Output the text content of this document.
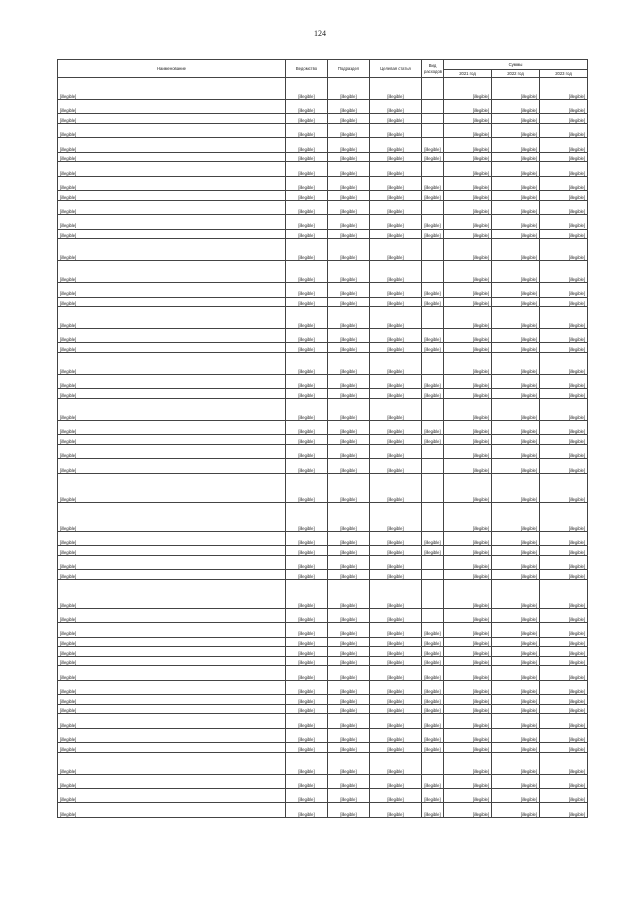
124
Наименование	Ведомство	Подраздел	Целевая статья	Вид расходов	Суммы		
					2021 год	2022 год	2023 год
[illegible]	[illegible]	[illegible]	[illegible]		[illegible]	[illegible]	[illegible]
[illegible]	[illegible]	[illegible]	[illegible]		[illegible]	[illegible]	[illegible]
[illegible]	[illegible]	[illegible]	[illegible]		[illegible]	[illegible]	[illegible]
[illegible]	[illegible]	[illegible]	[illegible]		[illegible]	[illegible]	[illegible]
[illegible]	[illegible]	[illegible]	[illegible]	[illegible]	[illegible]	[illegible]	[illegible]
[illegible]	[illegible]	[illegible]	[illegible]	[illegible]	[illegible]	[illegible]	[illegible]
[illegible]	[illegible]	[illegible]	[illegible]		[illegible]	[illegible]	[illegible]
[illegible]	[illegible]	[illegible]	[illegible]	[illegible]	[illegible]	[illegible]	[illegible]
[illegible]	[illegible]	[illegible]	[illegible]	[illegible]	[illegible]	[illegible]	[illegible]
[illegible]	[illegible]	[illegible]	[illegible]		[illegible]	[illegible]	[illegible]
[illegible]	[illegible]	[illegible]	[illegible]	[illegible]	[illegible]	[illegible]	[illegible]
[illegible]	[illegible]	[illegible]	[illegible]	[illegible]	[illegible]	[illegible]	[illegible]
[illegible]	[illegible]	[illegible]	[illegible]		[illegible]	[illegible]	[illegible]
[illegible]	[illegible]	[illegible]	[illegible]		[illegible]	[illegible]	[illegible]
[illegible]	[illegible]	[illegible]	[illegible]	[illegible]	[illegible]	[illegible]	[illegible]
[illegible]	[illegible]	[illegible]	[illegible]	[illegible]	[illegible]	[illegible]	[illegible]
[illegible]	[illegible]	[illegible]	[illegible]		[illegible]	[illegible]	[illegible]
[illegible]	[illegible]	[illegible]	[illegible]	[illegible]	[illegible]	[illegible]	[illegible]
[illegible]	[illegible]	[illegible]	[illegible]	[illegible]	[illegible]	[illegible]	[illegible]
[illegible]	[illegible]	[illegible]	[illegible]		[illegible]	[illegible]	[illegible]
[illegible]	[illegible]	[illegible]	[illegible]	[illegible]	[illegible]	[illegible]	[illegible]
[illegible]	[illegible]	[illegible]	[illegible]	[illegible]	[illegible]	[illegible]	[illegible]
[illegible]	[illegible]	[illegible]	[illegible]		[illegible]	[illegible]	[illegible]
[illegible]	[illegible]	[illegible]	[illegible]	[illegible]	[illegible]	[illegible]	[illegible]
[illegible]	[illegible]	[illegible]	[illegible]	[illegible]	[illegible]	[illegible]	[illegible]
[illegible]	[illegible]	[illegible]	[illegible]		[illegible]	[illegible]	[illegible]
[illegible]	[illegible]	[illegible]	[illegible]		[illegible]	[illegible]	[illegible]
[illegible]	[illegible]	[illegible]	[illegible]		[illegible]	[illegible]	[illegible]
[illegible]	[illegible]	[illegible]	[illegible]		[illegible]	[illegible]	[illegible]
[illegible]	[illegible]	[illegible]	[illegible]	[illegible]	[illegible]	[illegible]	[illegible]
[illegible]	[illegible]	[illegible]	[illegible]	[illegible]	[illegible]	[illegible]	[illegible]
[illegible]	[illegible]	[illegible]	[illegible]		[illegible]	[illegible]	[illegible]
[illegible]	[illegible]	[illegible]	[illegible]		[illegible]	[illegible]	[illegible]
[illegible]	[illegible]	[illegible]	[illegible]		[illegible]	[illegible]	[illegible]
[illegible]	[illegible]	[illegible]	[illegible]		[illegible]	[illegible]	[illegible]
[illegible]	[illegible]	[illegible]	[illegible]	[illegible]	[illegible]	[illegible]	[illegible]
[illegible]	[illegible]	[illegible]	[illegible]	[illegible]	[illegible]	[illegible]	[illegible]
[illegible]	[illegible]	[illegible]	[illegible]	[illegible]	[illegible]	[illegible]	[illegible]
[illegible]	[illegible]	[illegible]	[illegible]	[illegible]	[illegible]	[illegible]	[illegible]
[illegible]	[illegible]	[illegible]	[illegible]	[illegible]	[illegible]	[illegible]	[illegible]
[illegible]	[illegible]	[illegible]	[illegible]	[illegible]	[illegible]	[illegible]	[illegible]
[illegible]	[illegible]	[illegible]	[illegible]	[illegible]	[illegible]	[illegible]	[illegible]
[illegible]	[illegible]	[illegible]	[illegible]	[illegible]	[illegible]	[illegible]	[illegible]
[illegible]	[illegible]	[illegible]	[illegible]	[illegible]	[illegible]	[illegible]	[illegible]
[illegible]	[illegible]	[illegible]	[illegible]	[illegible]	[illegible]	[illegible]	[illegible]
[illegible]	[illegible]	[illegible]	[illegible]	[illegible]	[illegible]	[illegible]	[illegible]
[illegible]	[illegible]	[illegible]	[illegible]		[illegible]	[illegible]	[illegible]
[illegible]	[illegible]	[illegible]	[illegible]	[illegible]	[illegible]	[illegible]	[illegible]
[illegible]	[illegible]	[illegible]	[illegible]	[illegible]	[illegible]	[illegible]	[illegible]
[illegible]	[illegible]	[illegible]	[illegible]	[illegible]	[illegible]	[illegible]	[illegible]
